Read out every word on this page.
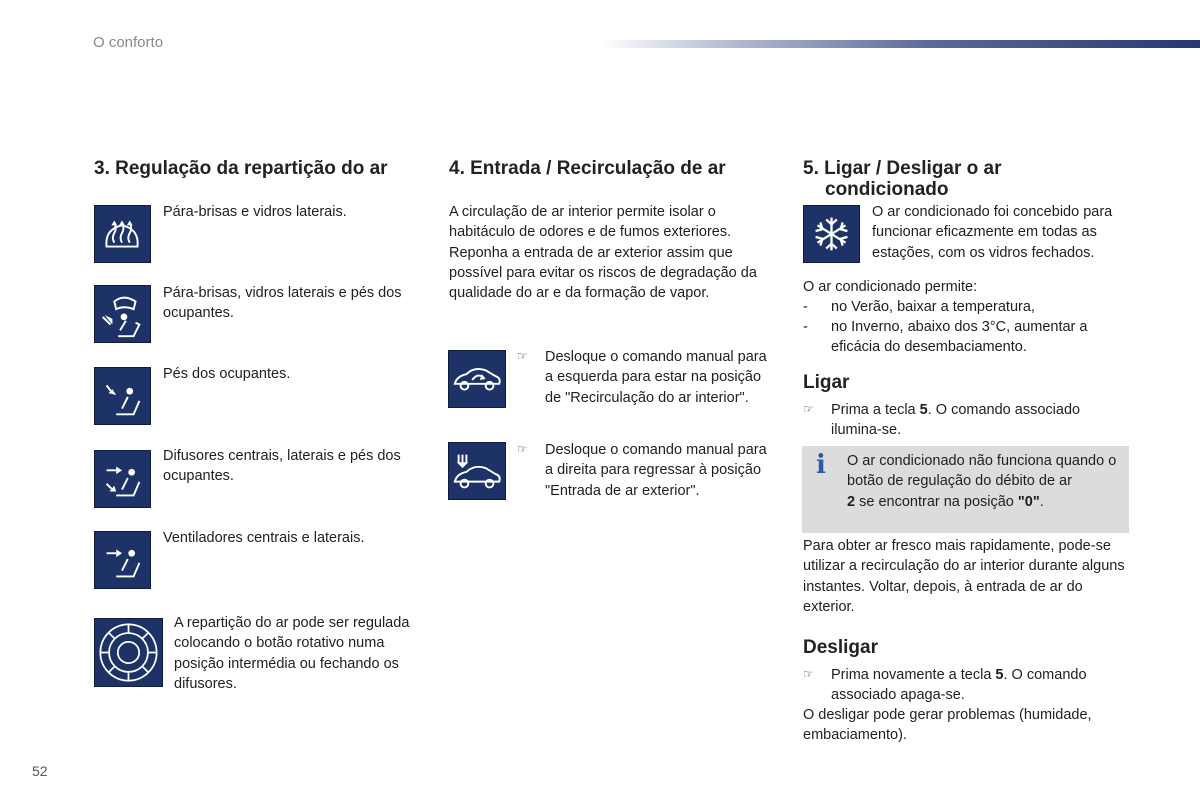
O conforto
3. Regulação da repartição do ar
Pára-brisas e vidros laterais.
Pára-brisas, vidros laterais e pés dos ocupantes.
Pés dos ocupantes.
Difusores centrais, laterais e pés dos ocupantes.
Ventiladores centrais e laterais.
A repartição do ar pode ser regulada colocando o botão rotativo numa posição intermédia ou fechando os difusores.
4. Entrada / Recirculação de ar
A circulação de ar interior permite isolar o habitáculo de odores e de fumos exteriores. Reponha a entrada de ar exterior assim que possível para evitar os riscos de degradação da qualidade do ar e da formação de vapor.
☞ Desloque o comando manual para a esquerda para estar na posição de "Recirculação do ar interior".
☞ Desloque o comando manual para a direita para regressar à posição "Entrada de ar exterior".
5. Ligar / Desligar o ar
condicionado
O ar condicionado foi concebido para funcionar eficazmente em todas as estações, com os vidros fechados.
O ar condicionado permite:
- no Verão, baixar a temperatura,
- no Inverno, abaixo dos 3°C, aumentar a eficácia do desembaciamento.
Ligar
☞ Prima a tecla 5. O comando associado ilumina-se.
i O ar condicionado não funciona quando o botão de regulação do débito de ar
2 se encontrar na posição "0".
Para obter ar fresco mais rapidamente, pode-se utilizar a recirculação do ar interior durante alguns instantes. Voltar, depois, à entrada de ar do exterior.
Desligar
☞ Prima novamente a tecla 5. O comando associado apaga-se.
O desligar pode gerar problemas (humidade, embaciamento).
52
